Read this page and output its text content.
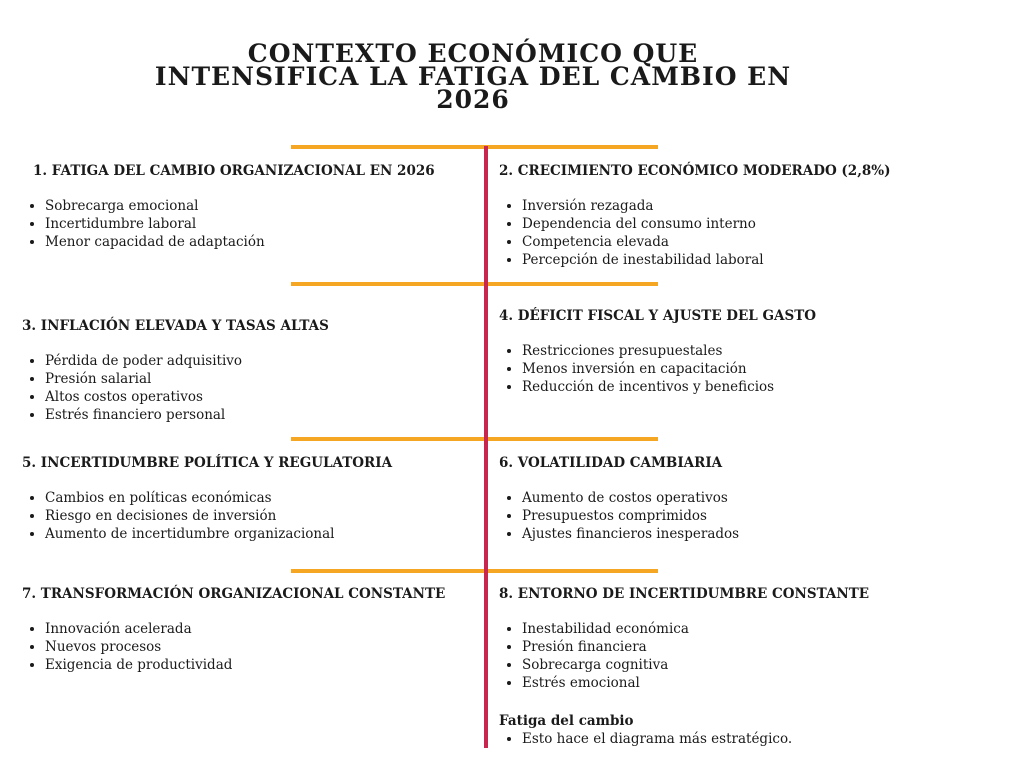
CONTEXTO ECONÓMICO QUE
INTENSIFICA LA FATIGA DEL CAMBIO EN
2026
1. FATIGA DEL CAMBIO ORGANIZACIONAL EN 2026
Sobrecarga emocional
Incertidumbre laboral
Menor capacidad de adaptación
2. CRECIMIENTO ECONÓMICO MODERADO (2,8%)
Inversión rezagada
Dependencia del consumo interno
Competencia elevada
Percepción de inestabilidad laboral
3. INFLACIÓN ELEVADA Y TASAS ALTAS
Pérdida de poder adquisitivo
Presión salarial
Altos costos operativos
Estrés financiero personal
4. DÉFICIT FISCAL Y AJUSTE DEL GASTO
Restricciones presupuestales
Menos inversión en capacitación
Reducción de incentivos y beneficios
5. INCERTIDUMBRE POLÍTICA Y REGULATORIA
Cambios en políticas económicas
Riesgo en decisiones de inversión
Aumento de incertidumbre organizacional
6. VOLATILIDAD CAMBIARIA
Aumento de costos operativos
Presupuestos comprimidos
Ajustes financieros inesperados
7. TRANSFORMACIÓN ORGANIZACIONAL CONSTANTE
Innovación acelerada
Nuevos procesos
Exigencia de productividad
8. ENTORNO DE INCERTIDUMBRE CONSTANTE
Inestabilidad económica
Presión financiera
Sobrecarga cognitiva
Estrés emocional
Fatiga del cambio
Esto hace el diagrama más estratégico.
